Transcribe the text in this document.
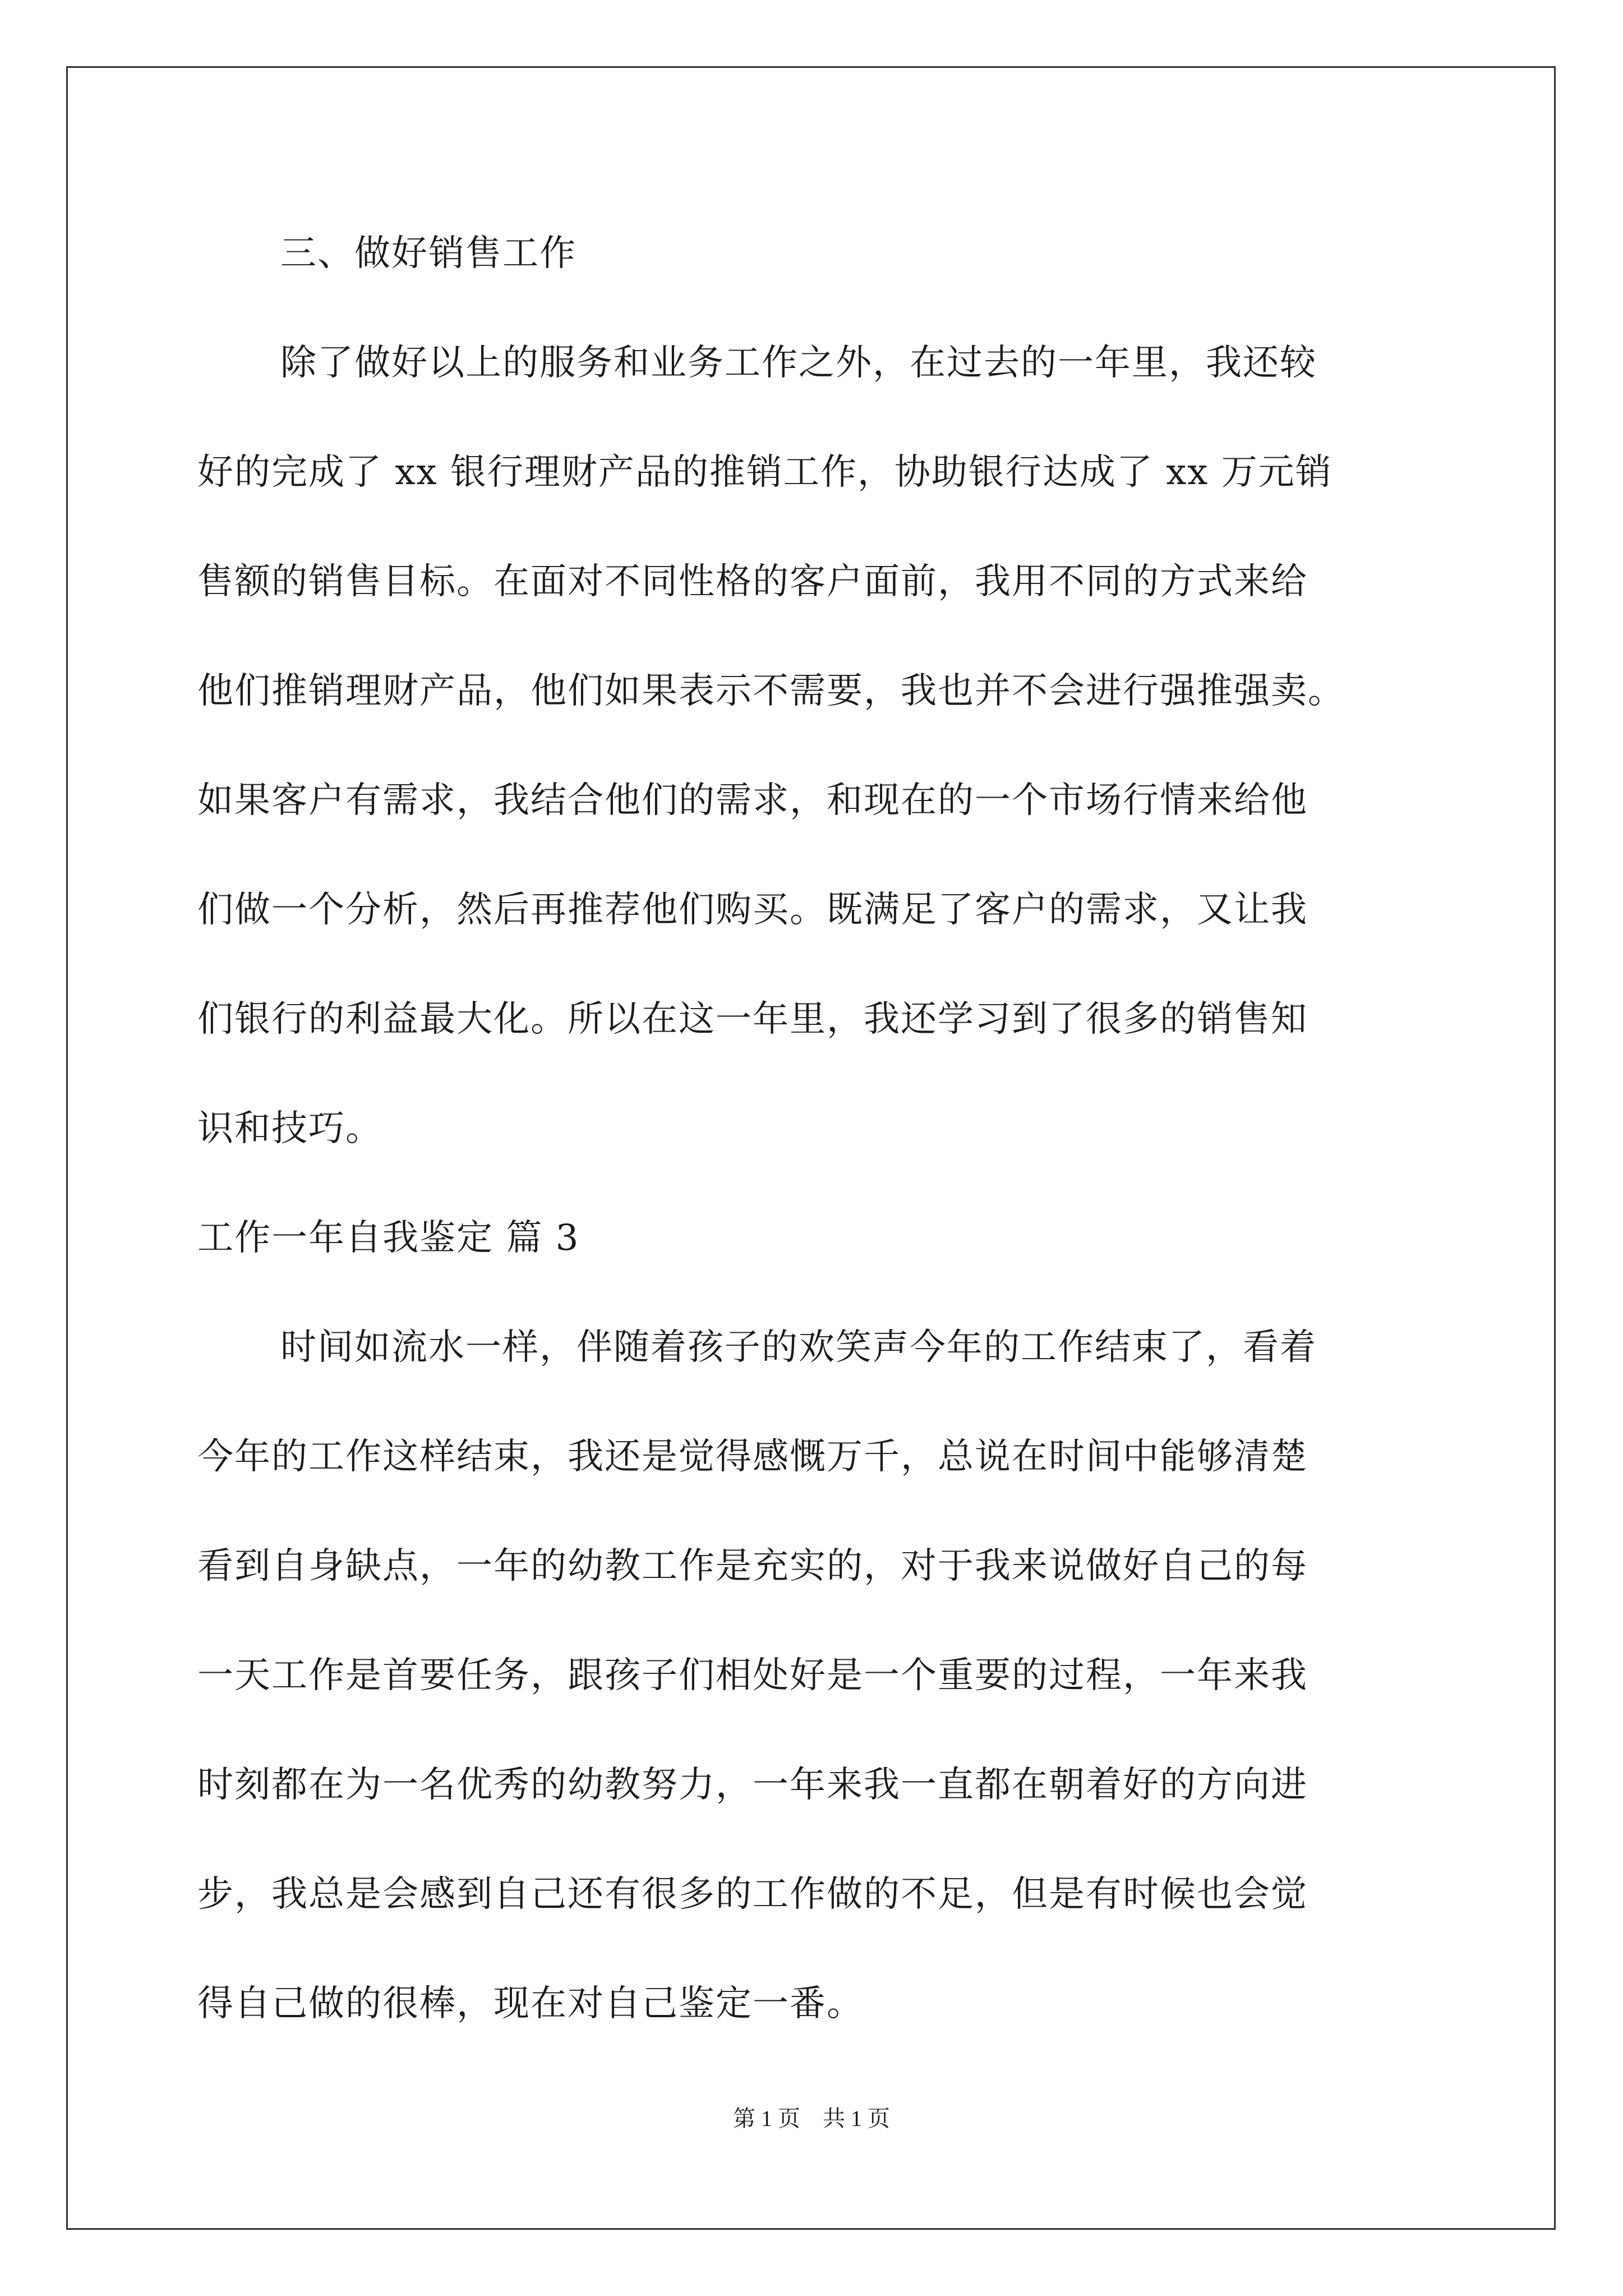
三、做好销售工作
除了做好以上的服务和业务工作之外，在过去的一年里，我还较
好的完成了 xx 银行理财产品的推销工作，协助银行达成了 xx 万元销
售额的销售目标。在面对不同性格的客户面前，我用不同的方式来给
他们推销理财产品，他们如果表示不需要，我也并不会进行强推强卖。
如果客户有需求，我结合他们的需求，和现在的一个市场行情来给他
们做一个分析，然后再推荐他们购买。既满足了客户的需求，又让我
们银行的利益最大化。所以在这一年里，我还学习到了很多的销售知
识和技巧。
工作一年自我鉴定 篇 3
时间如流水一样，伴随着孩子的欢笑声今年的工作结束了，看着
今年的工作这样结束，我还是觉得感慨万千，总说在时间中能够清楚
看到自身缺点，一年的幼教工作是充实的，对于我来说做好自己的每
一天工作是首要任务，跟孩子们相处好是一个重要的过程，一年来我
时刻都在为一名优秀的幼教努力，一年来我一直都在朝着好的方向进
步，我总是会感到自己还有很多的工作做的不足，但是有时候也会觉
得自己做的很棒，现在对自己鉴定一番。
第 1 页 共 1 页
